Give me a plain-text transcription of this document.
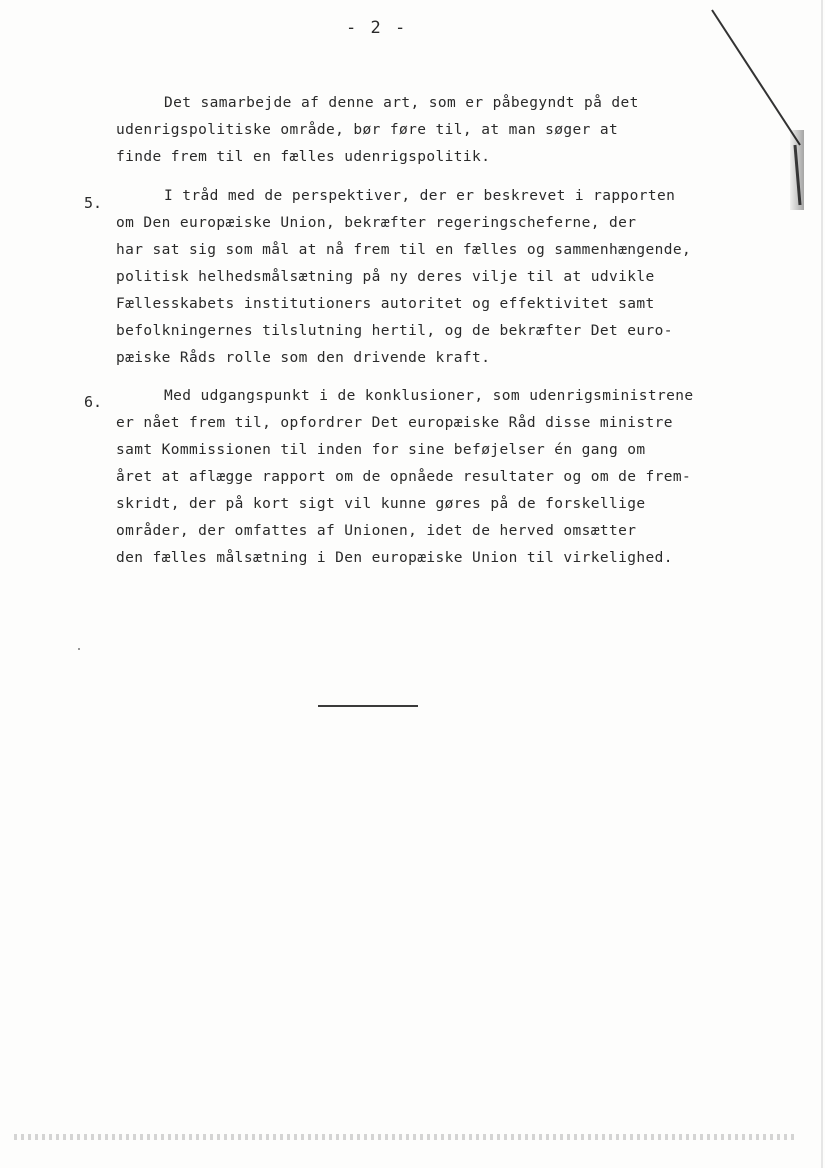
- 2 -
Det samarbejde af denne art, som er påbegyndt på det
udenrigspolitiske område, bør føre til, at man søger at
finde frem til en fælles udenrigspolitik.
5.	I tråd med de perspektiver, der er beskrevet i rapporten
om Den europæiske Union, bekræfter regeringscheferne, der
har sat sig som mål at nå frem til en fælles og sammenhængende,
politisk helhedsmålsætning på ny deres vilje til at udvikle
Fællesskabets institutioners autoritet og effektivitet samt
befolkningernes tilslutning hertil, og de bekræfter Det euro-
pæiske Råds rolle som den drivende kraft.
6.	Med udgangspunkt i de konklusioner, som udenrigsministrene
er nået frem til, opfordrer Det europæiske Råd disse ministre
samt Kommissionen til inden for sine beføjelser én gang om
året at aflægge rapport om de opnåede resultater og om de frem-
skridt, der på kort sigt vil kunne gøres på de forskellige
områder, der omfattes af Unionen, idet de herved omsætter
den fælles målsætning i Den europæiske Union til virkelighed.
